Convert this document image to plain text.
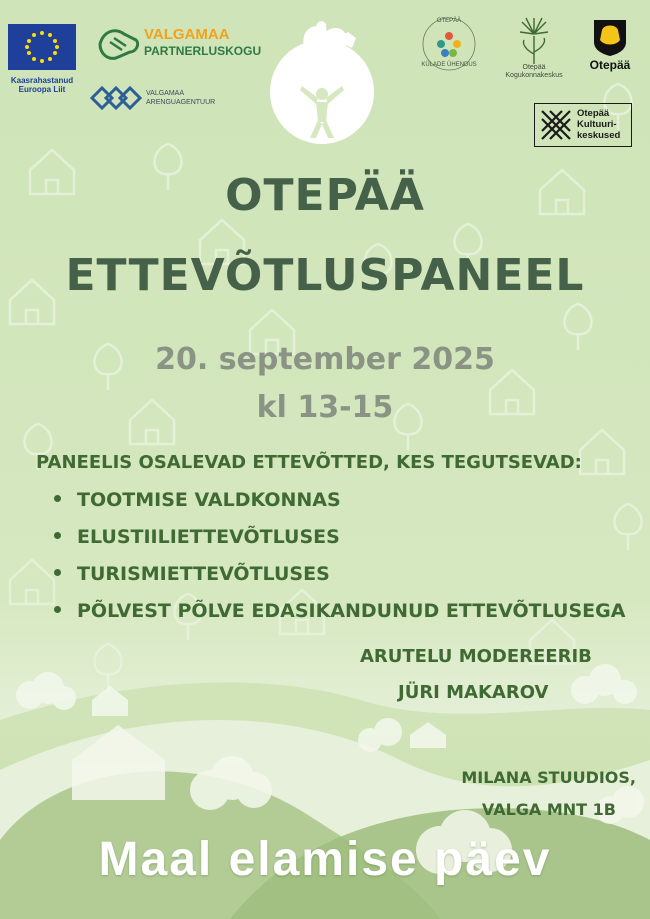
Kaasrahastanud
Euroopa Liit
VALGAMAA
PARTNERLUSKOGU
VALGAMAA
ARENGUAGENTUUR
OTEPÄÄ
KÜLADE ÜHENDUS	Otepää
Kogukonnakeskus
Otepää
Otepää
Kultuuri-
keskused
OTEPÄÄ
ETTEVÕTLUSPANEEL
20. september 2025
kl 13-15
PANEELIS OSALEVAD ETTEVÕTTED, KES TEGUTSEVAD:
TOOTMISE VALDKONNAS
ELUSTIILIETTEVÕTLUSES
TURISMIETTEVÕTLUSES
PÕLVEST PÕLVE EDASIKANDUNUD ETTEVÕTLUSEGA
ARUTELU MODEREERIB
JÜRI MAKAROV
MILANA STUUDIOS,
VALGA MNT 1B
Maal elamise päev
